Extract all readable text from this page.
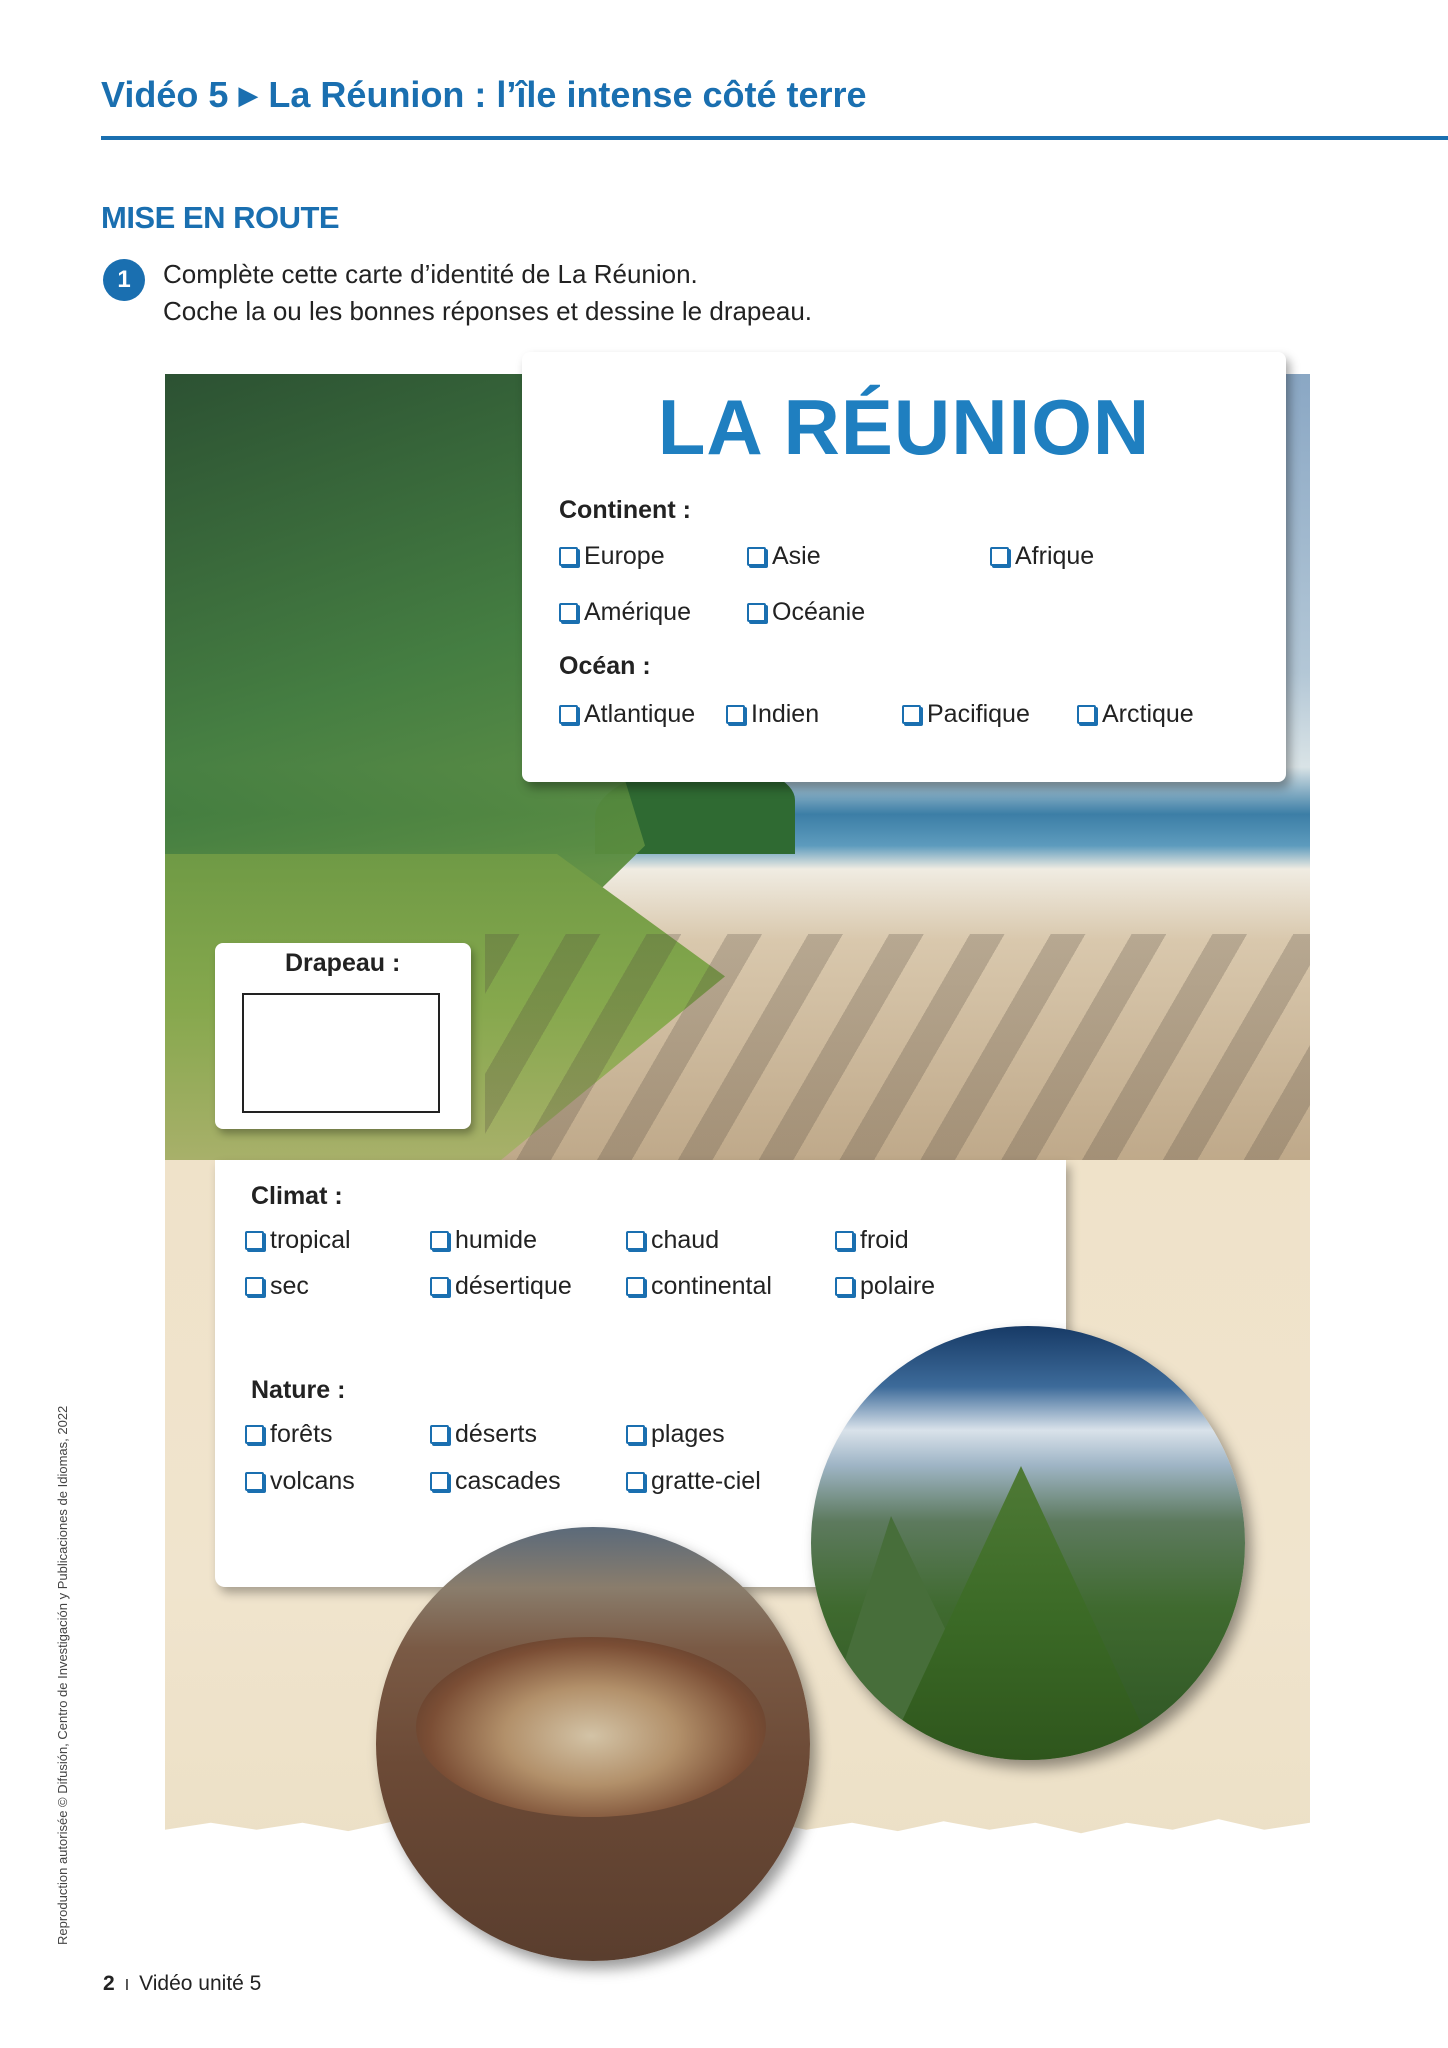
Vidéo 5 ▶ La Réunion : l’île intense côté terre
MISE EN ROUTE
1	Complète cette carte d’identité de La Réunion.
Coche la ou les bonnes réponses et dessine le drapeau.
LA RÉUNION
Continent :
Europe	Asie	Afrique
Amérique	Océanie
Océan :
Atlantique Indien	Pacifique	Arctique
Drapeau :
Climat :
tropical	humide	chaud	froid
sec	désertique	continental	polaire
Nature :
forêts	déserts	plages
volcans	cascades	gratte-ciel
Reproduction autorisée © Difusión, Centro de Investigación y Publicaciones de Idiomas, 2022
2 I Vidéo unité 5
